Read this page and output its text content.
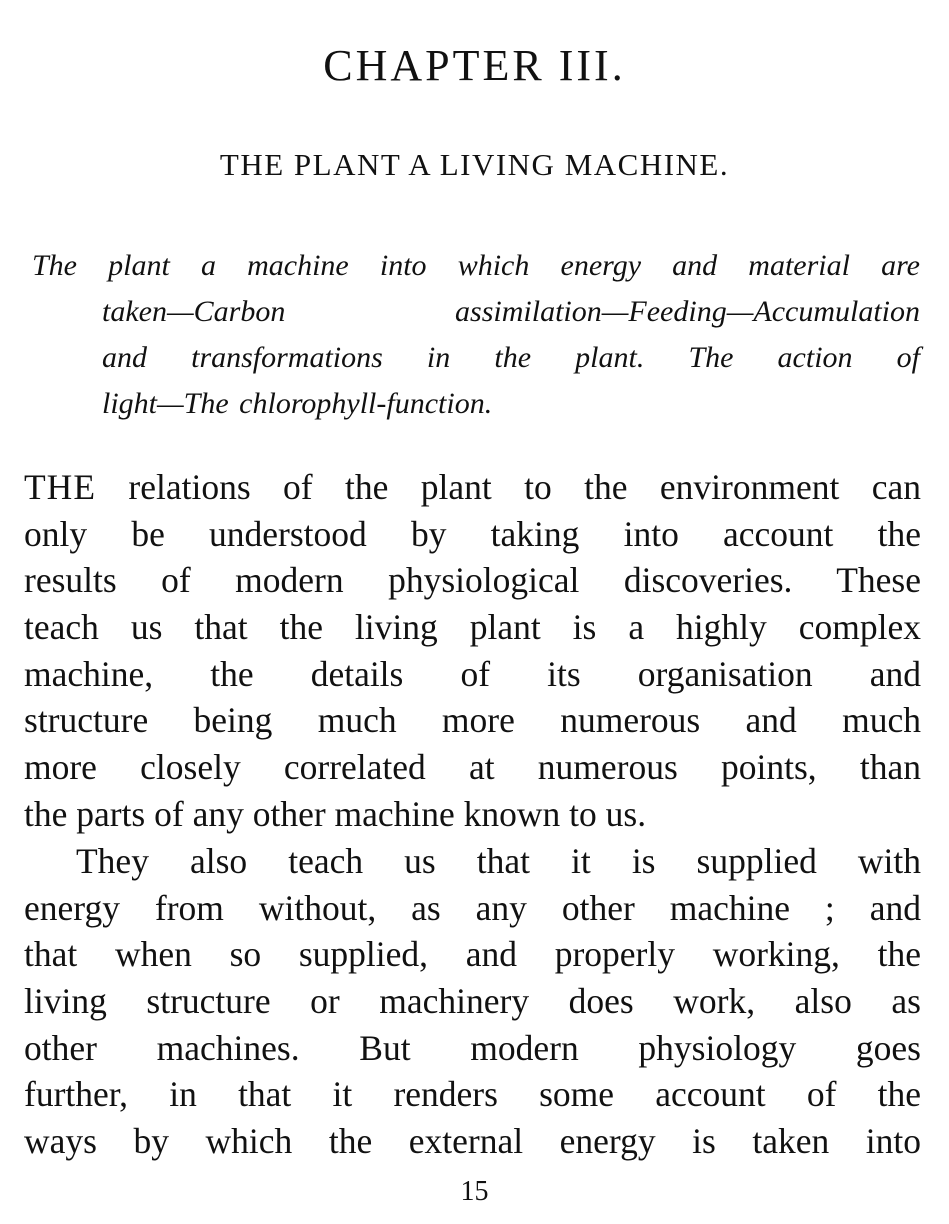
CHAPTER III.
THE PLANT A LIVING MACHINE.

The plant a machine into which energy and material are
taken—Carbon assimilation—Feeding—Accumulation
and transformations in the plant. The action of
light—The chlorophyll-function.

THE relations of the plant to the environment can
only be understood by taking into account the
results of modern physiological discoveries. These
teach us that the living plant is a highly complex
machine, the details of its organisation and
structure being much more numerous and much
more closely correlated at numerous points, than
the parts of any other machine known to us.
They also teach us that it is supplied with
energy from without, as any other machine ; and
that when so supplied, and properly working, the
living structure or machinery does work, also as
other machines. But modern physiology goes
further, in that it renders some account of the
ways by which the external energy is taken into

15
